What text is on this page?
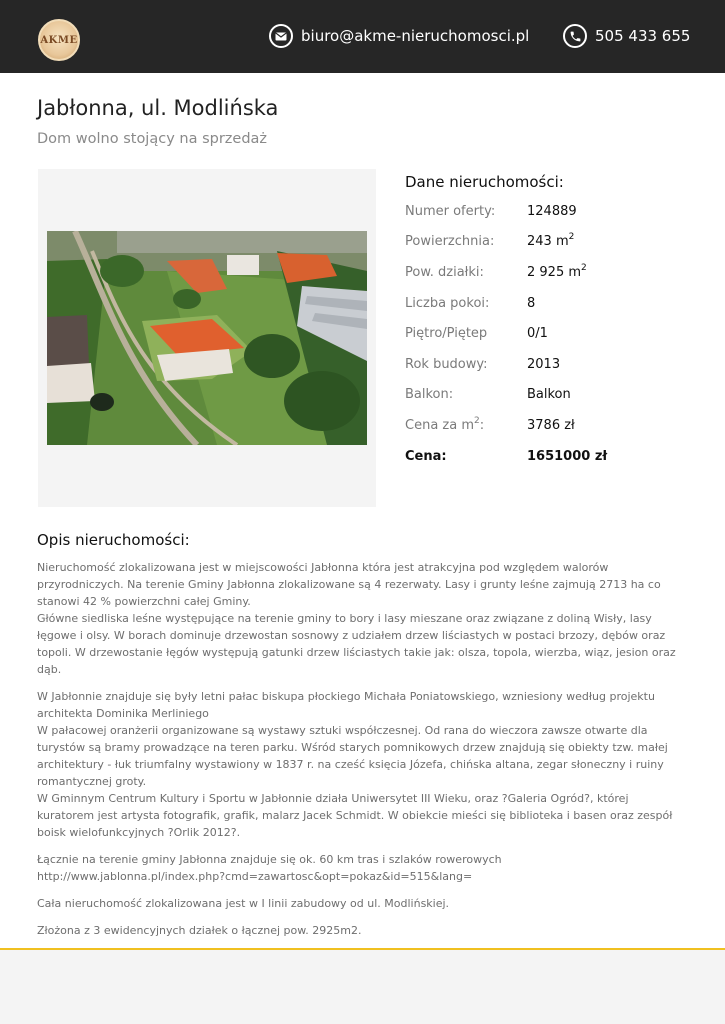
AKME	biuro@akme-nieruchomosci.pl	505 433 655
Jabłonna, ul. Modlińska

Dom wolno stojący na sprzedaż

Dane nieruchomości:
Numer oferty:	124889
Powierzchnia:	243 $m^2$
Pow. działki:	2 925 $m^2$
Liczba pokoi:	8
Piętro/Piętер	0/1
Rok budowy:	2013
Balkon:	Balkon
Cena za $m^2$:	3786 zł
Cena:	1651000 zł
Opis nieruchomości:

Nieruchomość zlokalizowana jest w miejscowości Jabłonna która jest atrakcyjna pod względem walorów przyrodniczych. Na terenie Gminy Jabłonna zlokalizowane są 4 rezerwaty. Lasy i grunty leśne zajmują 2713 ha co stanowi 42 % powierzchni całej Gminy.
Główne siedliska leśne występujące na terenie gminy to bory i lasy mieszane oraz związane z doliną Wisły, lasy łęgowe i olsy. W borach dominuje drzewostan sosnowy z udziałem drzew liściastych w postaci brzozy, dębów oraz topoli. W drzewostanie łęgów występują gatunki drzew liściastych takie jak: olsza, topola, wierzba, wiąz, jesion oraz dąb.

W Jabłonnie znajduje się były letni pałac biskupa płockiego Michała Poniatowskiego, wzniesiony według projektu architekta Dominika Merliniego
W pałacowej oranżerii organizowane są wystawy sztuki współczesnej. Od rana do wieczora zawsze otwarte dla turystów są bramy prowadzące na teren parku. Wśród starych pomnikowych drzew znajdują się obiekty tzw. małej architektury - łuk triumfalny wystawiony w 1837 r. na cześć księcia Józefa, chińska altana, zegar słoneczny i ruiny romantycznej groty.
W Gminnym Centrum Kultury i Sportu w Jabłonnie działa Uniwersytet III Wieku, oraz ?Galeria Ogród?, której kuratorem jest artysta fotografik, grafik, malarz Jacek Schmidt. W obiekcie mieści się biblioteka i basen oraz zespół boisk wielofunkcyjnych ?Orlik 2012?.

Łącznie na terenie gminy Jabłonna znajduje się ok. 60 km tras i szlaków rowerowych
http://www.jablonna.pl/index.php?cmd=zawartosc&opt=pokaz&id=515&lang=

Cała nieruchomość zlokalizowana jest w I linii zabudowy od ul. Modlińskiej.

Złożona z 3 ewidencyjnych działek o łącznej pow. 2925m2.
